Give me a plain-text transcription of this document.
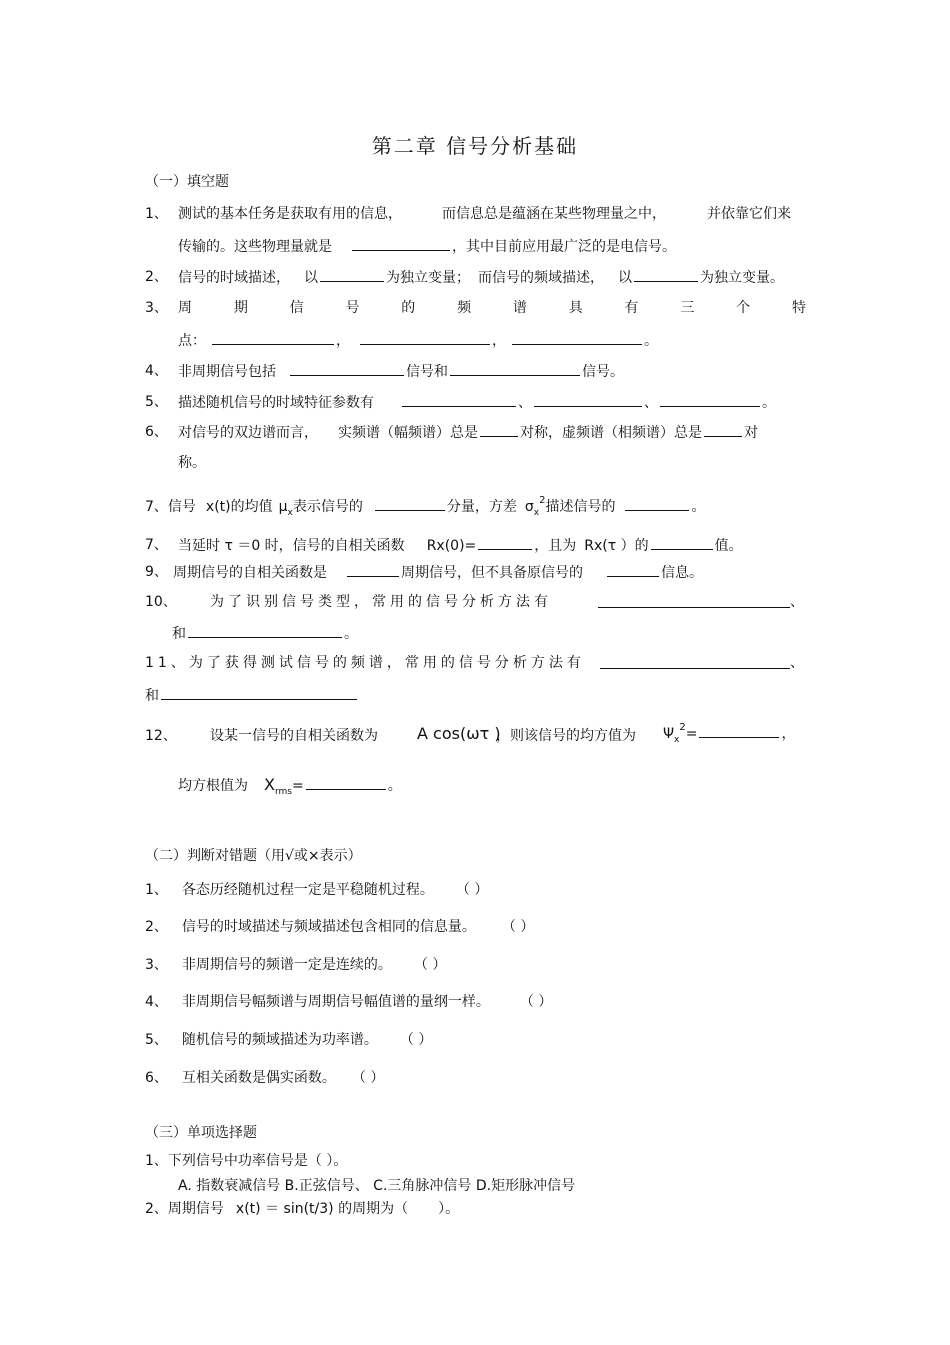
第二章 信号分析基础
（一）填空题
1、 测试的基本任务是获取有用的信息，	而信息总是蕴涵在某些物理量之中，	并依靠它们来
传输的。这些物理量就是	，其中目前应用最广泛的是电信号。
2、 信号的时域描述， 以	为独立变量； 而信号的频域描述， 以	为独立变量。
3、 周	期	信	号	的	频	谱	具	有	三	个	特
点：	，	，	。
4、 非周期信号包括	信号和	信号。
5、 描述随机信号的时域特征参数有	、	、	。
6、 对信号的双边谱而言， 实频谱（幅频谱）总是	对称，虚频谱（相频谱）总是	对
称。
7、信号 x(t)的均值 $\mu_x$表示信号的	分量，方差 $\sigma_x^2$描述信号的	。
7、 当延时 τ ＝0 时，信号的自相关函数 Rx(0)=	，且为 Rx(τ ）的	值。
9、 周期信号的自相关函数是	周期信号，但不具备原信号的	信息。
10、 为了识别信号类型，常用的信号分析方法有	、
和	。
11、为了获得测试信号的频谱，常用的信号分析方法有	、
和
12、 设某一信号的自相关函数为 A cos(ωτ )
，则该信号的均方值为 $\Psi_x^2=$	，
均方根值为 $X_{rms}=$	。
（二）判断对错题（用√或×表示）
1、 各态历经随机过程一定是平稳随机过程。 （ ）
2、 信号的时域描述与频域描述包含相同的信息量。 （ ）
3、 非周期信号的频谱一定是连续的。 （ ）
4、 非周期信号幅频谱与周期信号幅值谱的量纲一样。 （ ）
5、 随机信号的频域描述为功率谱。 （ ）
6、 互相关函数是偶实函数。 （ ）
（三）单项选择题
1、下列信号中功率信号是（ ）。
A. 指数衰减信号 B.正弦信号、 C.三角脉冲信号 D.矩形脉冲信号
2、周期信号 x(t) ＝ sin(t/3) 的周期为（ ）。
